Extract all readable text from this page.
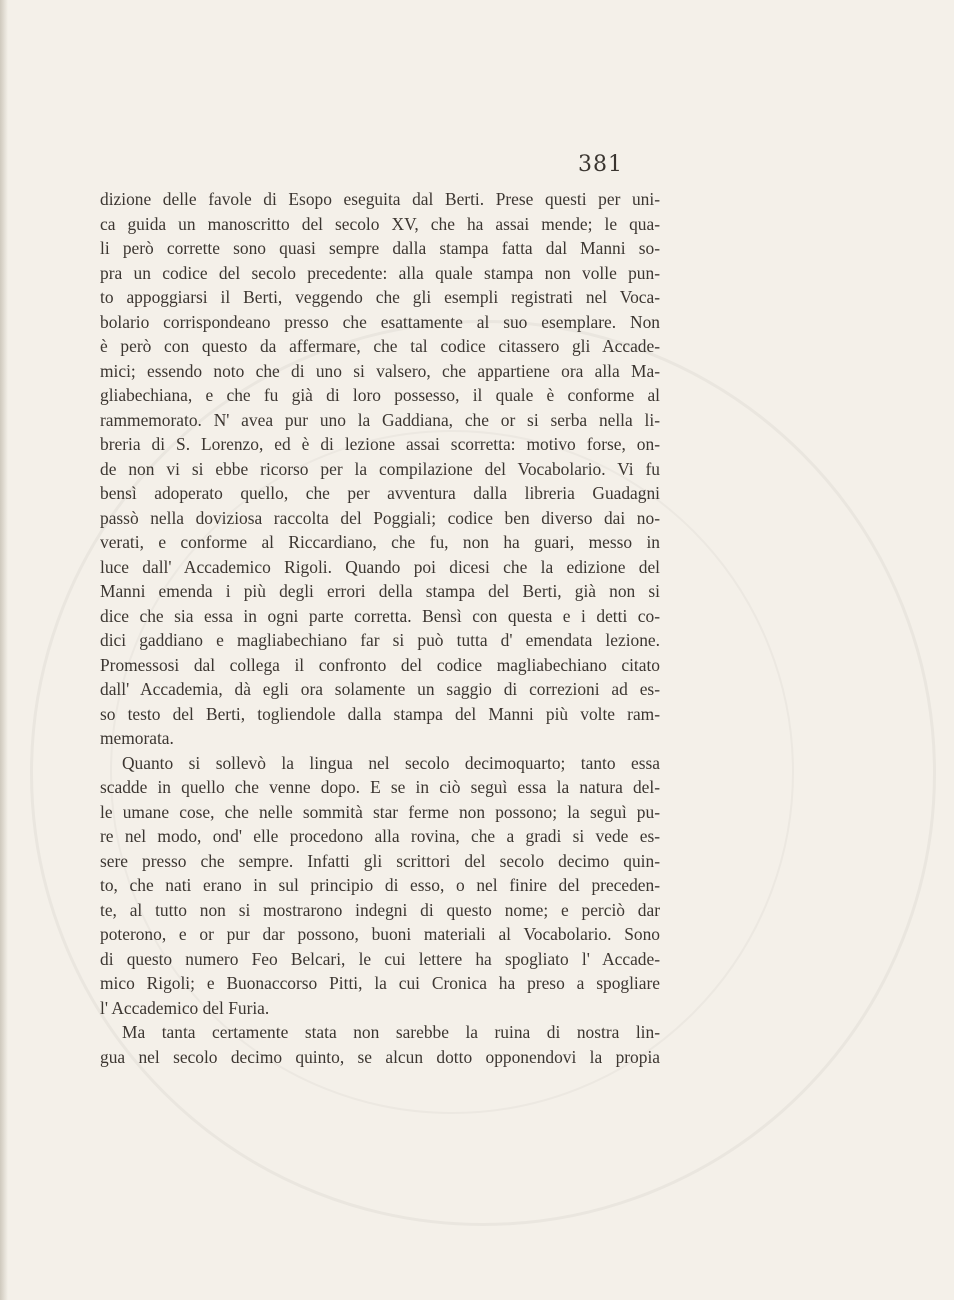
381
dizione delle favole di Esopo eseguita dal Berti. Prese questi per uni-
ca guida un manoscritto del secolo XV, che ha assai mende; le qua-
li però corrette sono quasi sempre dalla stampa fatta dal Manni so-
pra un codice del secolo precedente: alla quale stampa non volle pun-
to appoggiarsi il Berti, veggendo che gli esempli registrati nel Voca-
bolario corrispondeano presso che esattamente al suo esemplare. Non
è però con questo da affermare, che tal codice citassero gli Accade-
mici; essendo noto che di uno si valsero, che appartiene ora alla Ma-
gliabechiana, e che fu già di loro possesso, il quale è conforme al
rammemorato. N' avea pur uno la Gaddiana, che or si serba nella li-
breria di S. Lorenzo, ed è di lezione assai scorretta: motivo forse, on-
de non vi si ebbe ricorso per la compilazione del Vocabolario. Vi fu
bensì adoperato quello, che per avventura dalla libreria Guadagni
passò nella doviziosa raccolta del Poggiali; codice ben diverso dai no-
verati, e conforme al Riccardiano, che fu, non ha guari, messo in
luce dall' Accademico Rigoli. Quando poi dicesi che la edizione del
Manni emenda i più degli errori della stampa del Berti, già non si
dice che sia essa in ogni parte corretta. Bensì con questa e i detti co-
dici gaddiano e magliabechiano far si può tutta d' emendata lezione.
Promessosi dal collega il confronto del codice magliabechiano citato
dall' Accademia, dà egli ora solamente un saggio di correzioni ad es-
so testo del Berti, togliendole dalla stampa del Manni più volte ram-
memorata.
Quanto si sollevò la lingua nel secolo decimoquarto; tanto essa
scadde in quello che venne dopo. E se in ciò seguì essa la natura del-
le umane cose, che nelle sommità star ferme non possono; la seguì pu-
re nel modo, ond' elle procedono alla rovina, che a gradi si vede es-
sere presso che sempre. Infatti gli scrittori del secolo decimo quin-
to, che nati erano in sul principio di esso, o nel finire del preceden-
te, al tutto non si mostrarono indegni di questo nome; e perciò dar
poterono, e or pur dar possono, buoni materiali al Vocabolario. Sono
di questo numero Feo Belcari, le cui lettere ha spogliato l' Accade-
mico Rigoli; e Buonaccorso Pitti, la cui Cronica ha preso a spogliare
l' Accademico del Furia.
Ma tanta certamente stata non sarebbe la ruina di nostra lin-
gua nel secolo decimo quinto, se alcun dotto opponendovi la propia
